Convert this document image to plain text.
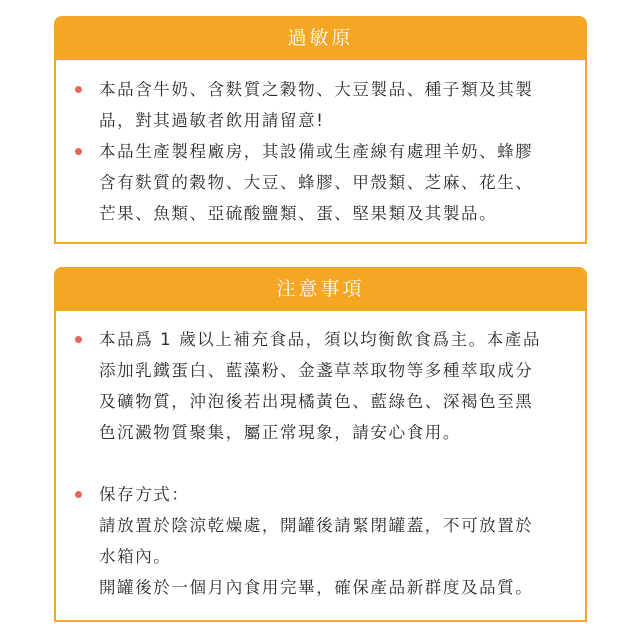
過敏原
本品含牛奶、含麩質之穀物、大豆製品、種子類及其製
品，對其過敏者飲用請留意!
本品生產製程廠房，其設備或生產線有處理羊奶、蜂膠
含有麩質的穀物、大豆、蜂膠、甲殼類、芝麻、花生、
芒果、魚類、亞硫酸鹽類、蛋、堅果類及其製品。
注意事項
本品爲 1 歲以上補充食品，須以均衡飲食爲主。本產品
添加乳鐵蛋白、藍藻粉、金盞草萃取物等多種萃取成分
及礦物質，沖泡後若出現橘黃色、藍綠色、深褐色至黑
色沉澱物質聚集，屬正常現象，請安心食用。
保存方式：
請放置於陰涼乾燥處，開罐後請緊閉罐蓋，不可放置於
水箱內。
開罐後於一個月內食用完畢，確保產品新群度及品質。
